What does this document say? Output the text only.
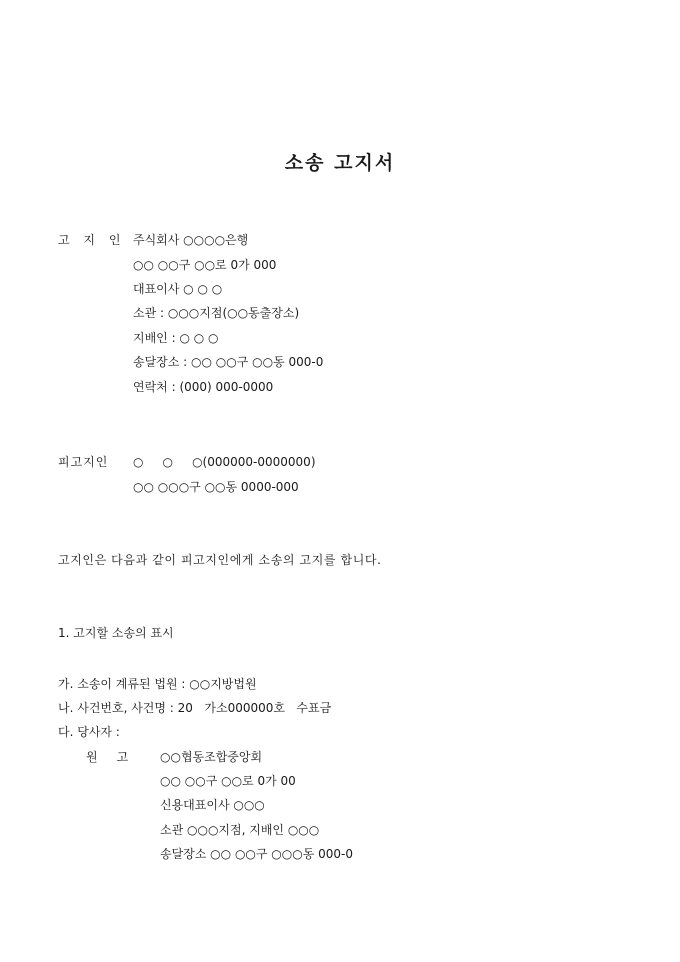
소송 고지서
고 지 인 주식회사 ○○○○은행
○○ ○○구 ○○로 0가 000
대표이사 ○ ○ ○
소관 : ○○○지점(○○동출장소)
지배인 : ○ ○ ○
송달장소 : ○○ ○○구 ○○동 000-0
연락처 : (000) 000-0000
피고지인 ○     ○     ○(000000-0000000)
○○ ○○○구 ○○동 0000-000
고지인은 다음과 같이 피고지인에게 소송의 고지를 합니다.
1. 고지할 소송의 표시
가. 소송이 계류된 법원 : ○○지방법원
나. 사건번호, 사건명 : 20   가소000000호   수표금
다. 당사자 :
원     고	○○협동조합중앙회
○○ ○○구 ○○로 0가 00
신용대표이사 ○○○
소관 ○○○지점, 지배인 ○○○
송달장소 ○○ ○○구 ○○○동 000-0
